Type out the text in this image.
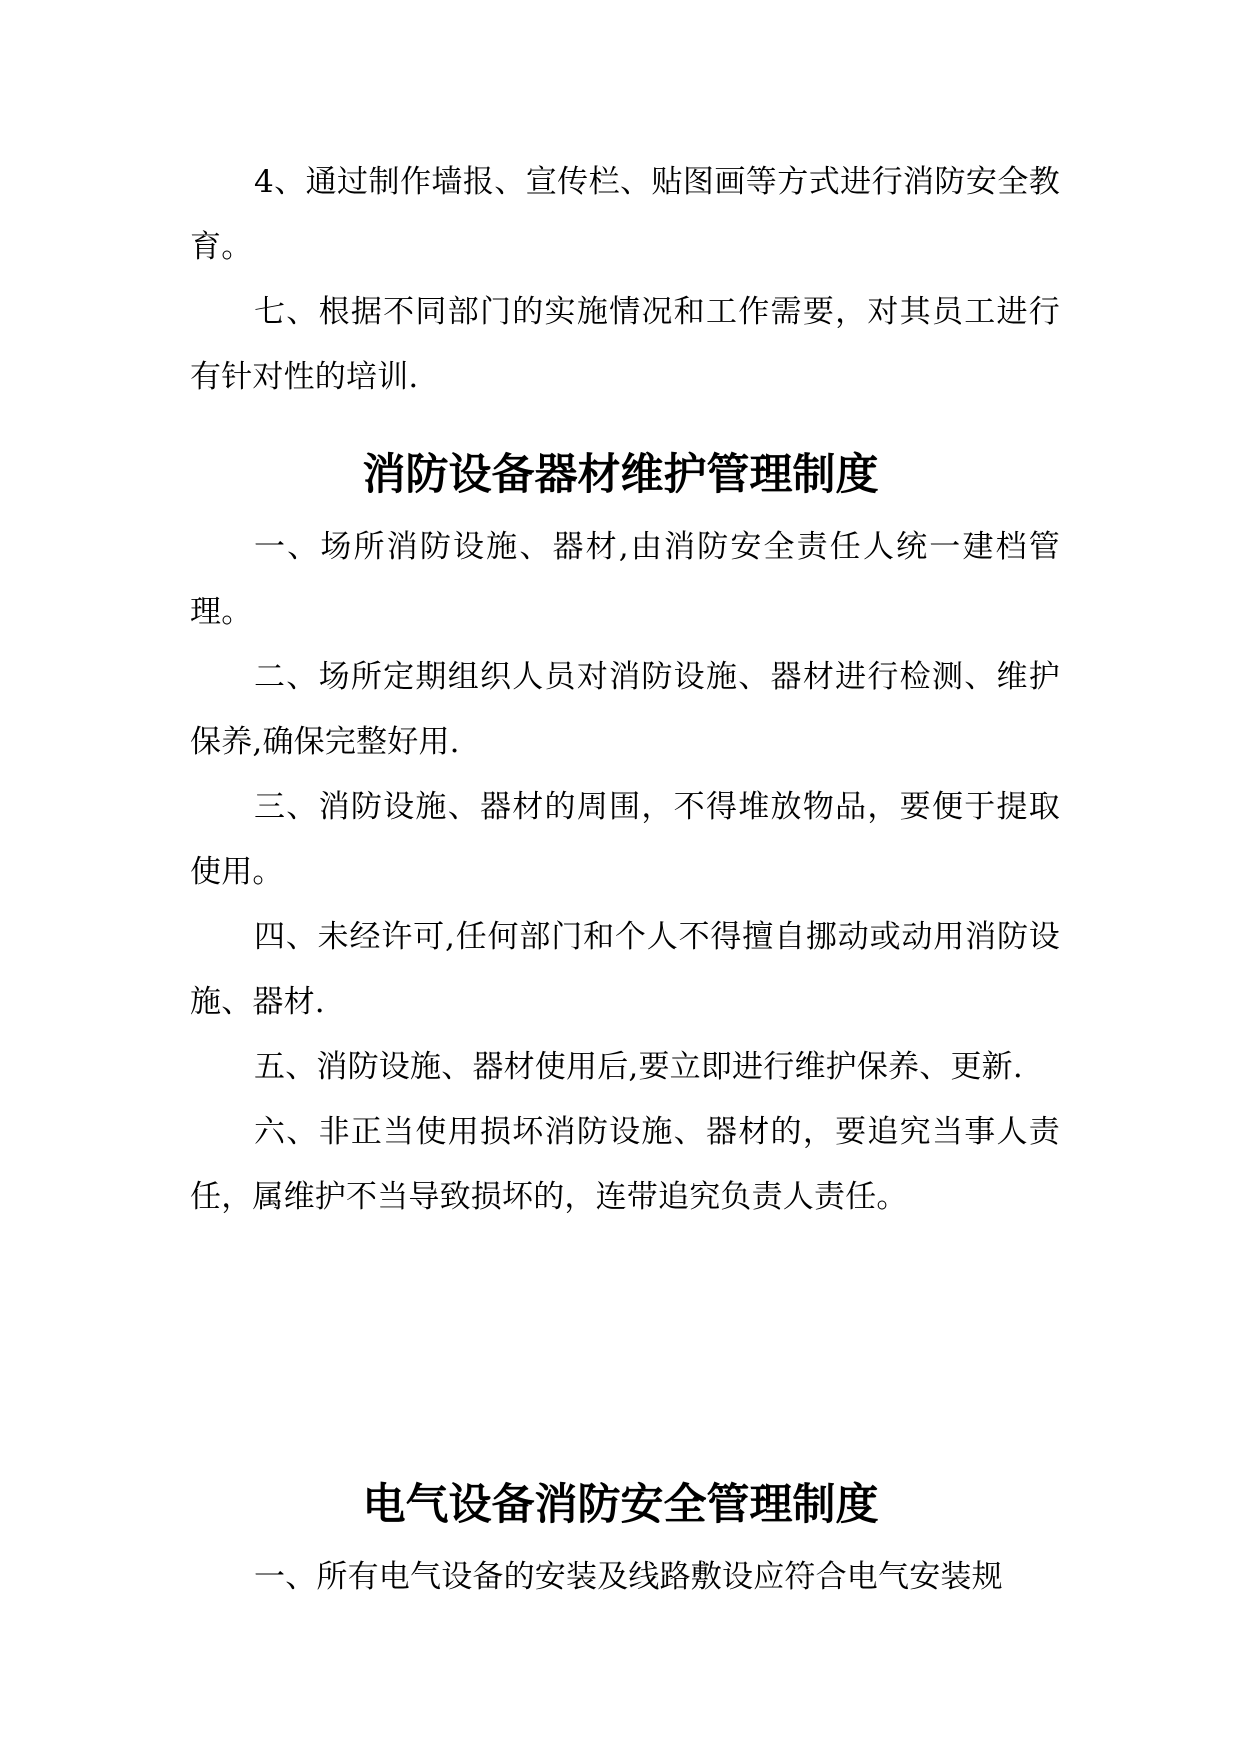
4、通过制作墙报、宣传栏、贴图画等方式进行消防安全教育。

七、根据不同部门的实施情况和工作需要，对其员工进行有针对性的培训.

消防设备器材维护管理制度

一、场所消防设施、器材,由消防安全责任人统一建档管理。

二、场所定期组织人员对消防设施、器材进行检测、维护保养,确保完整好用.

三、消防设施、器材的周围，不得堆放物品，要便于提取使用。

四、未经许可,任何部门和个人不得擅自挪动或动用消防设施、器材.

五、消防设施、器材使用后,要立即进行维护保养、更新.

六、非正当使用损坏消防设施、器材的，要追究当事人责任，属维护不当导致损坏的，连带追究负责人责任。

电气设备消防安全管理制度

一、所有电气设备的安装及线路敷设应符合电气安装规
